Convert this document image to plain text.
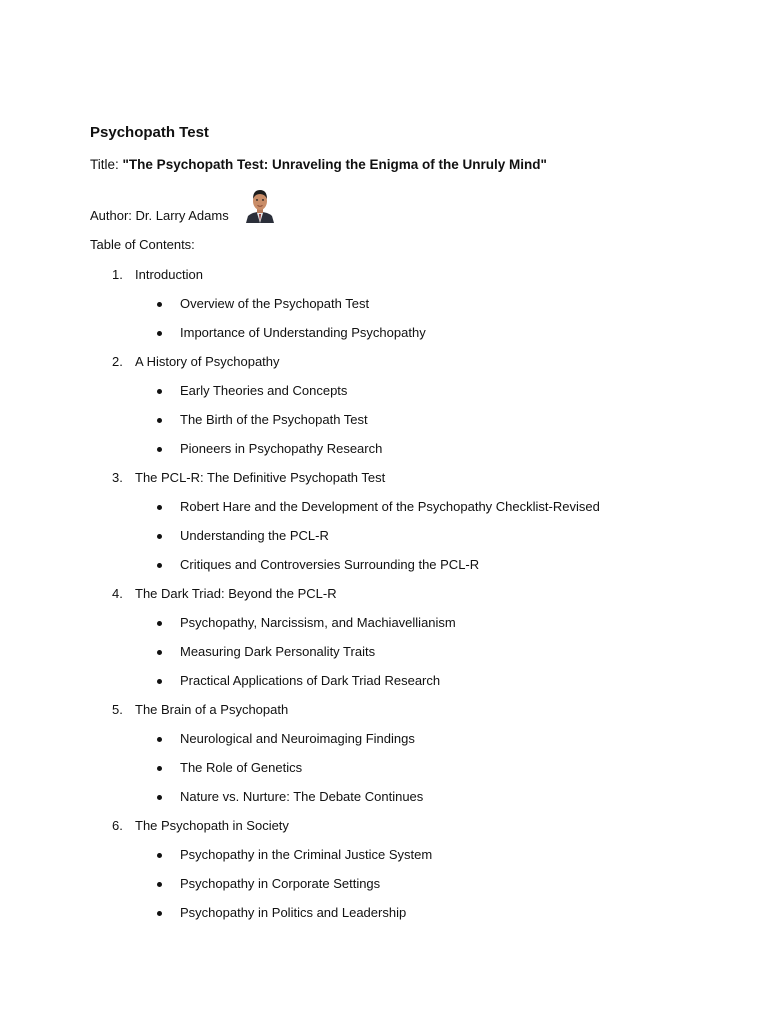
Psychopath Test
Title: "The Psychopath Test: Unraveling the Enigma of the Unruly Mind"
Author: Dr. Larry Adams
Table of Contents:
1. Introduction
Overview of the Psychopath Test
Importance of Understanding Psychopathy
2. A History of Psychopathy
Early Theories and Concepts
The Birth of the Psychopath Test
Pioneers in Psychopathy Research
3. The PCL-R: The Definitive Psychopath Test
Robert Hare and the Development of the Psychopathy Checklist-Revised
Understanding the PCL-R
Critiques and Controversies Surrounding the PCL-R
4. The Dark Triad: Beyond the PCL-R
Psychopathy, Narcissism, and Machiavellianism
Measuring Dark Personality Traits
Practical Applications of Dark Triad Research
5. The Brain of a Psychopath
Neurological and Neuroimaging Findings
The Role of Genetics
Nature vs. Nurture: The Debate Continues
6. The Psychopath in Society
Psychopathy in the Criminal Justice System
Psychopathy in Corporate Settings
Psychopathy in Politics and Leadership
